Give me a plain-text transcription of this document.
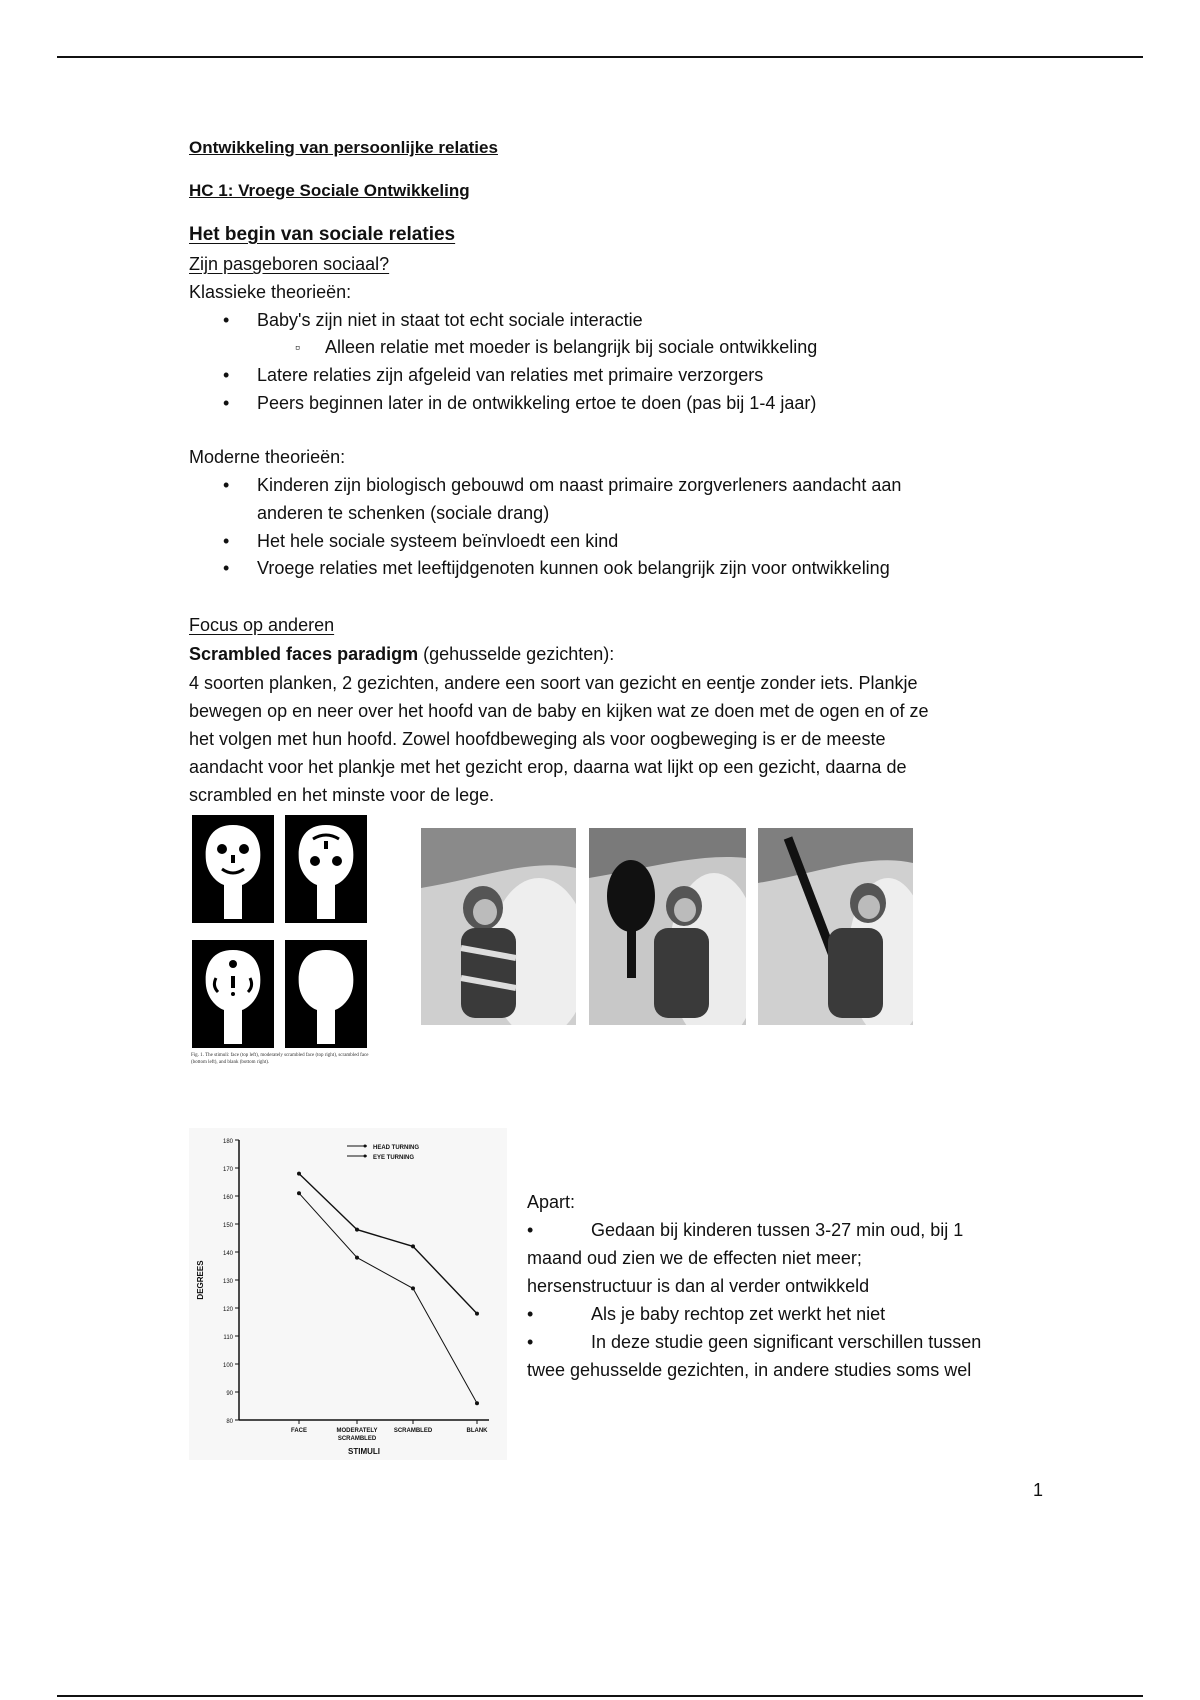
Ontwikkeling van persoonlijke relaties
HC 1: Vroege Sociale Ontwikkeling
Het begin van sociale relaties
Zijn pasgeboren sociaal?
Klassieke theorieën:
• Baby's zijn niet in staat tot echt sociale interactie
▫ Alleen relatie met moeder is belangrijk bij sociale ontwikkeling
• Latere relaties zijn afgeleid van relaties met primaire verzorgers
• Peers beginnen later in de ontwikkeling ertoe te doen (pas bij 1-4 jaar)
Moderne theorieën:
• Kinderen zijn biologisch gebouwd om naast primaire zorgverleners aandacht aan
anderen te schenken (sociale drang)
• Het hele sociale systeem beïnvloedt een kind
• Vroege relaties met leeftijdgenoten kunnen ook belangrijk zijn voor ontwikkeling
Focus op anderen
Scrambled faces paradigm (gehusselde gezichten):
4 soorten planken, 2 gezichten, andere een soort van gezicht en eentje zonder iets. Plankje
bewegen op en neer over het hoofd van de baby en kijken wat ze doen met de ogen en of ze
het volgen met hun hoofd. Zowel hoofdbeweging als voor oogbeweging is er de meeste
aandacht voor het plankje met het gezicht erop, daarna wat lijkt op een gezicht, daarna de
scrambled en het minste voor de lege.
Fig. 1. The stimuli: face (top left), moderately scrambled face (top right), scrambled face (bottom left), and blank (bottom right).
80
90
100
110
120
130
140
150
160
170
180
FACE	MODERATELY SCRAMBLED
SCRAMBLED	BLANK
STIMULI
DEGREES
HEAD TURNING
EYE TURNING
Apart:
•	Gedaan bij kinderen tussen 3-27 min oud, bij 1
maand oud zien we de effecten niet meer;
hersenstructuur is dan al verder ontwikkeld
•	Als je baby rechtop zet werkt het niet
•	In deze studie geen significant verschillen tussen
twee gehusselde gezichten, in andere studies soms wel
1
